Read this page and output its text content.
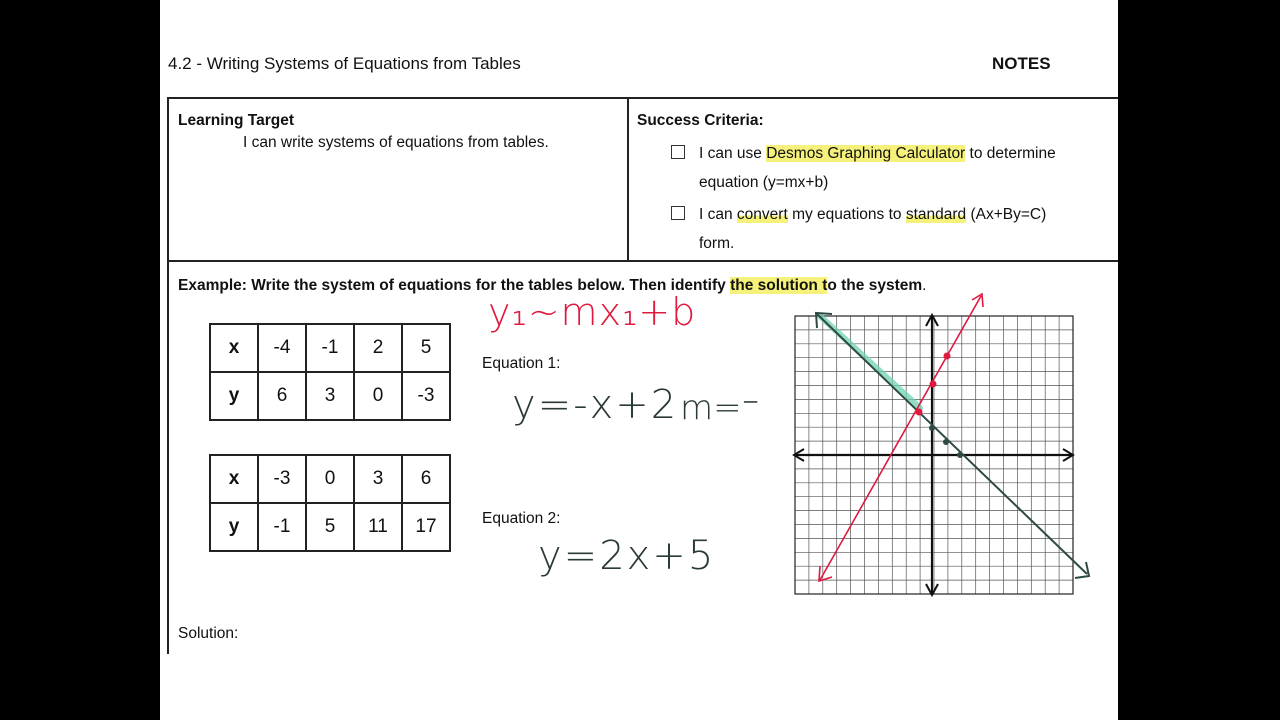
4.2 - Writing Systems of Equations from Tables	NOTES
Learning Target
I can write systems of equations from tables.
Success Criteria:
I can use Desmos Graphing Calculator to determine
equation (y=mx+b)
I can convert my equations to standard (Ax+By=C)
form.
Example: Write the system of equations for the tables below. Then identify the solution to the system.
x	-4	-1	2	5
y	6	3	0	-3
x	-3	0	3	6
y	-1	5	11	17
Equation 1:
Equation 2:
Solution:
y₁~mx₁+b
y=-x+2 m=⁻
y=2x+5
